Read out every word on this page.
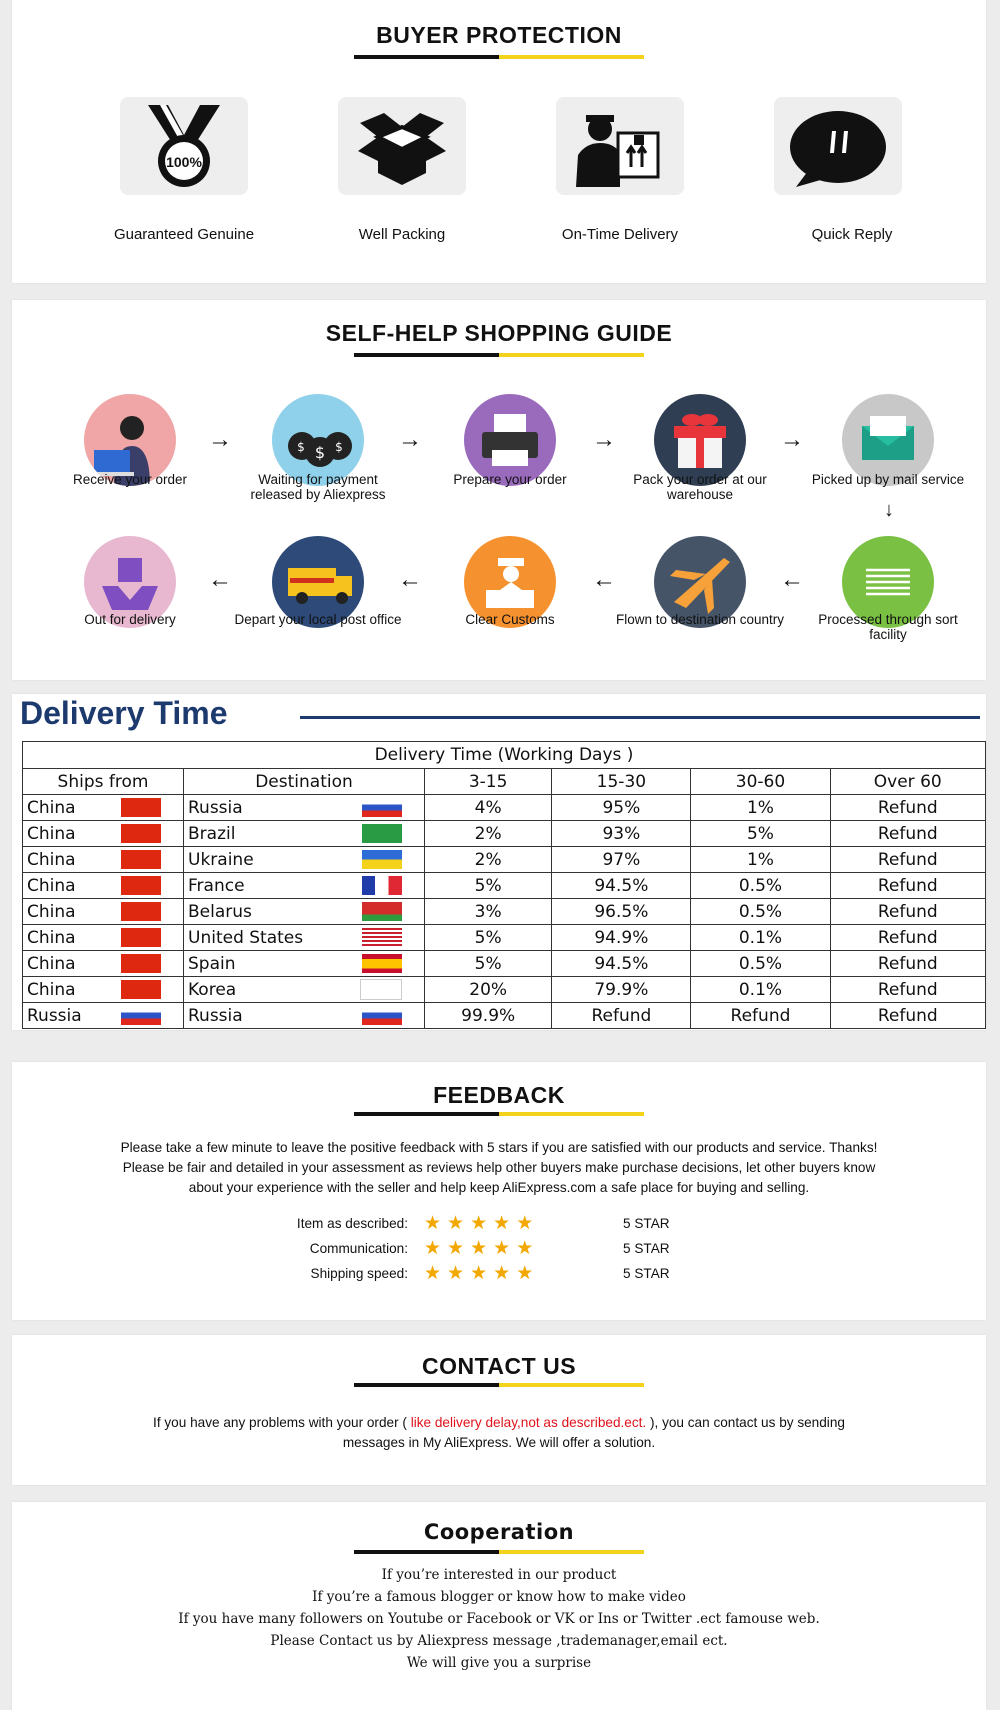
BUYER PROTECTION
100%
Guaranteed Genuine	Well Packing	On-Time Delivery	Quick Reply
SELF-HELP SHOPPING GUIDE
$
$	$
→	→	→	→
↓
Receive your order	Waiting for payment released by Aliexpress
Prepare your order	Pack your order at our warehouse
Picked up by mail service
←	←	←	←
Out for delivery	Depart your local post office	Clear Customs	Flown to destination country	Processed through sort facility
Delivery Time
Delivery Time (Working Days )					
Ships from	Destination	3-15	15-30	30-60	Over 60

China	Russia	4%	95%	1%	Refund

China	Brazil	2%	93%	5%	Refund

China	Ukraine	2%	97%	1%	Refund

China	France	5%	94.5%	0.5%	Refund

China	Belarus	3%	96.5%	0.5%	Refund

China	United States	5%	94.9%	0.1%	Refund

China	Spain	5%	94.5%	0.5%	Refund

China	Korea	20%	79.9%	0.1%	Refund

Russia	Russia	99.9%	Refund	Refund	Refund
FEEDBACK
Please take a few minute to leave the positive feedback with 5 stars if you are satisfied with our products and service. Thanks!
Please be fair and detailed in your assessment as reviews help other buyers make purchase decisions, let other buyers know
about your experience with the seller and help keep AliExpress.com a safe place for buying and selling.
Item as described: ★ ★ ★ ★ ★	5 STAR
Communication: ★ ★ ★ ★ ★	5 STAR
Shipping speed: ★ ★ ★ ★ ★	5 STAR
CONTACT US
If you have any problems with your order ( like delivery delay,not as described.ect. ), you can contact us by sending
messages in My AliExpress. We will offer a solution.
Cooperation
If you’re interested in our product
If you’re a famous blogger or know how to make video
If you have many followers on Youtube or Facebook or VK or Ins or Twitter .ect famouse web.
Please Contact us by Aliexpress message ,trademanager,email ect.
We will give you a surprise
